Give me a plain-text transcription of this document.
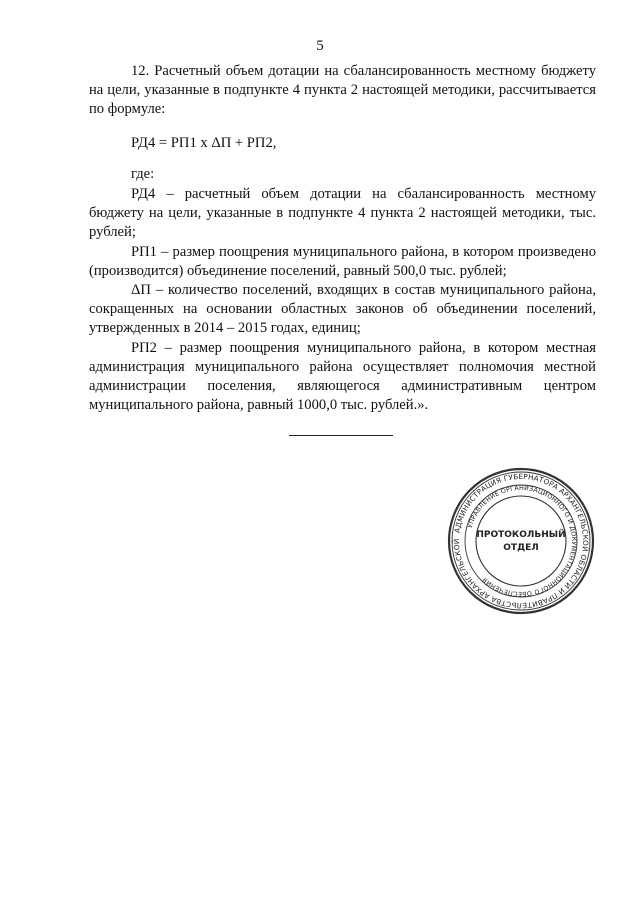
5

12. Расчетный объем дотации на сбалансированность местному бюджету на цели, указанные в подпункте 4 пункта 2 настоящей методики, рассчитывается по формуле:

РД4 = РП1 х ΔП + РП2,

где:

РД4 – расчетный объем дотации на сбалансированность местному бюджету на цели, указанные в подпункте 4 пункта 2 настоящей методики, тыс. рублей;

РП1 – размер поощрения муниципального района, в котором произведено (производится) объединение поселений, равный 500,0 тыс. рублей;

ΔП – количество поселений, входящих в состав муниципального района, сокращенных на основании областных законов об объединении поселений, утвержденных в 2014 – 2015 годах, единиц;

РП2 – размер поощрения муниципального района, в котором местная администрация муниципального района осуществляет полномочия местной администрации поселения, являющегося административным центром муниципального района, равный 1000,0 тыс. рублей.».

АДМИНИСТРАЦИЯ ГУБЕРНАТОРА АРХАНГЕЛЬСКОЙ ОБЛАСТИ И ПРАВИТЕЛЬСТВА АРХАНГЕЛЬСКОЙ
УПРАВЛЕНИЕ ОРГАНИЗАЦИОННОГО И ДОКУМЕНТАЦИОННОГО ОБЕСПЕЧЕНИЯ
ПРОТОКОЛЬНЫЙ
ОТДЕЛ
